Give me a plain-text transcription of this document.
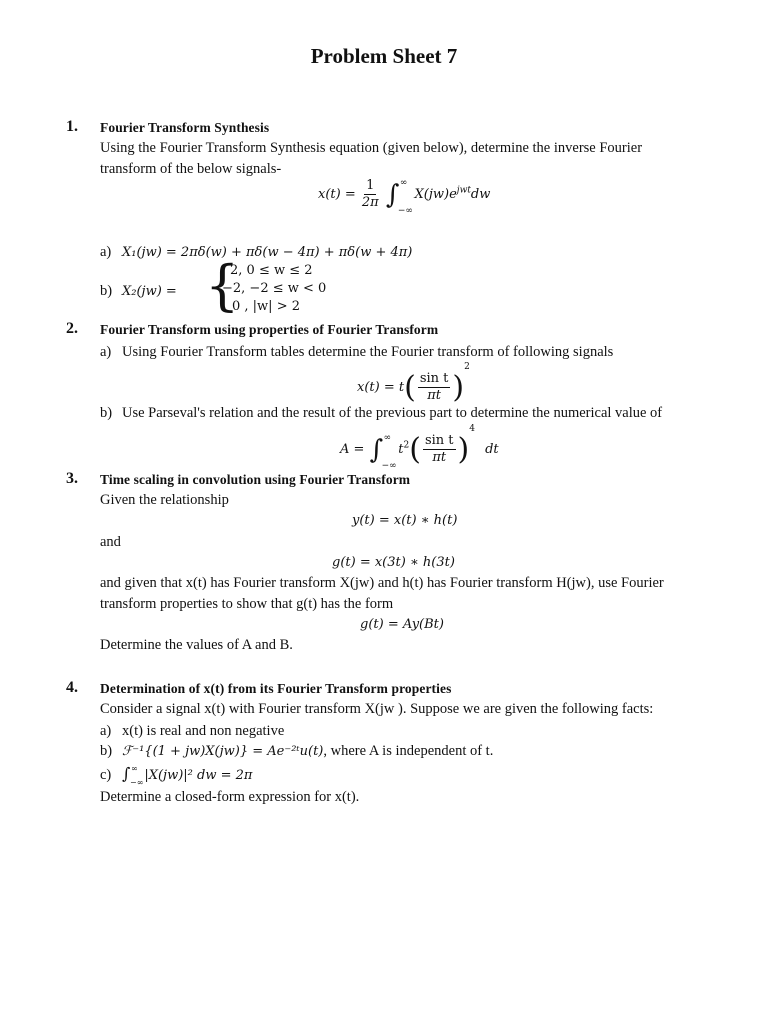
Problem Sheet 7
1. Fourier Transform Synthesis
Using the Fourier Transform Synthesis equation (given below), determine the inverse Fourier
transform of the below signals-
$x(t) = \frac{1}{2\pi}$ ∫ ∞
−∞
$X(jw)e^{jwt}dw$
a) X₁(jw) = 2πδ(w) + πδ(w − 4π) + πδ(w + 4π)
b) X₂(jw) = {
2, 0 ≤ w ≤ 2
−2, −2 ≤ w < 0
0 , |w| > 2
2. Fourier Transform using properties of Fourier Transform
a) Using Fourier Transform tables determine the Fourier transform of following signals
$x(t) = t( \frac{\text{sin t}}{\pi t} )^2$
b) Use Parseval's relation and the result of the previous part to determine the numerical value of
A = ∫ ∞
−∞
$t^2( \frac{\text{sin t}}{\pi t} )^4$ dt
3. Time scaling in convolution using Fourier Transform
Given the relationship
y(t) = x(t) ∗ h(t)
and
g(t) = x(3t) ∗ h(3t)
and given that x(t) has Fourier transform X(jw) and h(t) has Fourier transform H(jw), use Fourier
transform properties to show that g(t) has the form
g(t) = Ay(Bt)
Determine the values of A and B.
4. Determination of x(t) from its Fourier Transform properties
Consider a signal x(t) with Fourier transform X(jw ). Suppose we are given the following facts:
a) x(t) is real and non negative
b) ℱ⁻¹{(1 + jw)X(jw)} = Ae⁻²ᵗu(t), where A is independent of t.
c) ∫ ∞
−∞ |X(jw)|² dw = 2π
Determine a closed-form expression for x(t).
